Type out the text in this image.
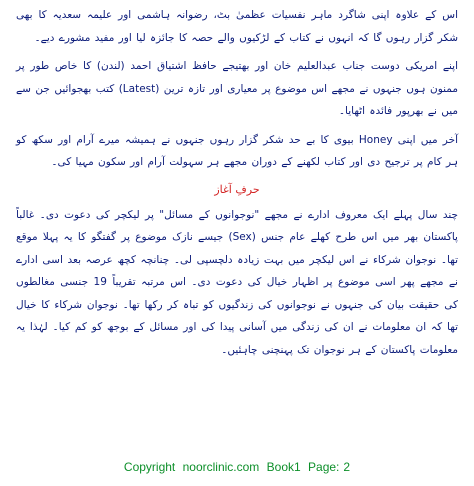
اس کے علاوہ اپنی شاگرد ماہر نفسیات عظمیٰ بٹ، رضوانہ ہاشمی اور علیمہ سعدیہ کا بھی شکر گزار رہوں گا کہ انہوں نے کتاب کے لڑکیوں والے حصہ کا جائزہ لیا اور مفید مشورے دیے۔

اپنے امریکی دوست جناب عبدالعلیم خان اور بھتیجے حافظ اشتیاق احمد (لندن) کا خاص طور پر ممنون ہوں جنہوں نے مجھے اس موضوع پر معیاری اور تازہ ترین (Latest) کتب بھجوائیں جن سے میں نے بھرپور فائدہ اٹھایا۔

آخر میں اپنی Honey بیوی کا بے حد شکر گزار رہوں جنہوں نے ہمیشہ میرے آرام اور سکھ کو ہر کام پر ترجیح دی اور کتاب لکھنے کے دوران مجھے ہر سہولت آرام اور سکون مہیا کی۔

حرفِ آغاز

چند سال پہلے ایک معروف ادارے نے مجھے "نوجوانوں کے مسائل" پر لیکچر کی دعوت دی۔ غالباً پاکستان بھر میں اس طرح کھلے عام جنس (Sex) جیسے نازک موضوع پر گفتگو کا یہ پہلا موقع تھا۔ نوجوان شرکاء نے اس لیکچر میں بہت زیادہ دلچسپی لی۔ چنانچہ کچھ عرصہ بعد اسی ادارے نے مجھے پھر اسی موضوع پر اظہار خیال کی دعوت دی۔ اس مرتبہ تقریباً 19 جنسی مغالطوں کی حقیقت بیان کی جنہوں نے نوجوانوں کی زندگیوں کو تباہ کر رکھا تھا۔ نوجوان شرکاء کا خیال تھا کہ ان معلومات نے ان کی زندگی میں آسانی پیدا کی اور مسائل کے بوجھ کو کم کیا۔ لہٰذا یہ معلومات پاکستان کے ہر نوجوان تک پہنچنی چاہئیں۔

Copyright noorclinic.com Book1 Page: 2
